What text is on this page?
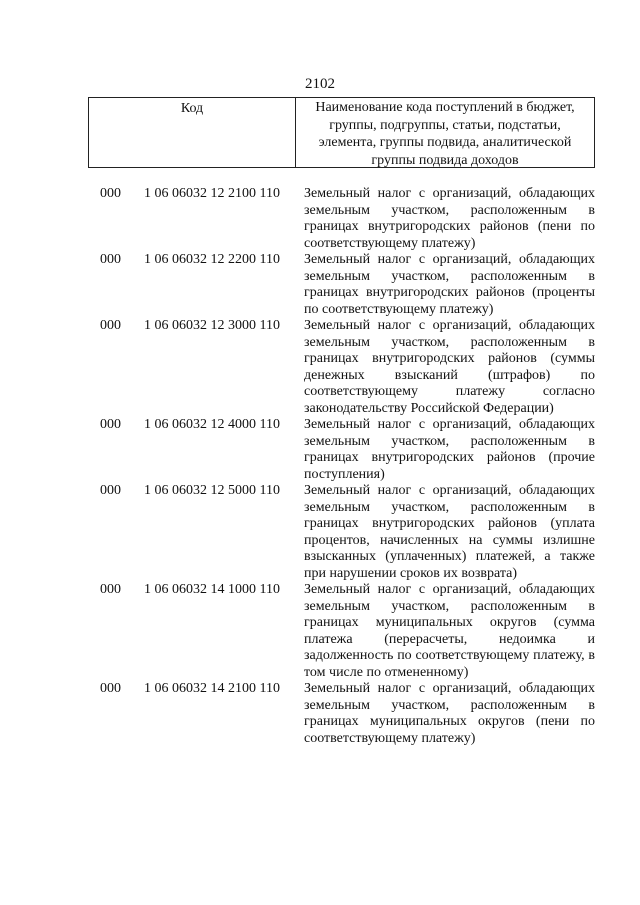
2102
Код	Наименование кода поступлений в бюджет, группы, подгруппы, статьи, подстатьи, элемента, группы подвида, аналитической группы подвида доходов
000	1 06 06032 12 2100 110	Земельный налог с организаций, обладающих земельным участком, расположенным в границах внутригородских районов (пени по соответствующему платежу)
000	1 06 06032 12 2200 110	Земельный налог с организаций, обладающих земельным участком, расположенным в границах внутригородских районов (проценты по соответствующему платежу)
000	1 06 06032 12 3000 110	Земельный налог с организаций, обладающих земельным участком, расположенным в границах внутригородских районов (суммы денежных взысканий (штрафов) по соответствующему платежу согласно законодательству Российской Федерации)
000	1 06 06032 12 4000 110	Земельный налог с организаций, обладающих земельным участком, расположенным в границах внутригородских районов (прочие поступления)
000	1 06 06032 12 5000 110	Земельный налог с организаций, обладающих земельным участком, расположенным в границах внутригородских районов (уплата процентов, начисленных на суммы излишне взысканных (уплаченных) платежей, а также при нарушении сроков их возврата)
000	1 06 06032 14 1000 110	Земельный налог с организаций, обладающих земельным участком, расположенным в границах муниципальных округов (сумма платежа (перерасчеты, недоимка и задолженность по соответствующему платежу, в том числе по отмененному)
000	1 06 06032 14 2100 110	Земельный налог с организаций, обладающих земельным участком, расположенным в границах муниципальных округов (пени по соответствующему платежу)
